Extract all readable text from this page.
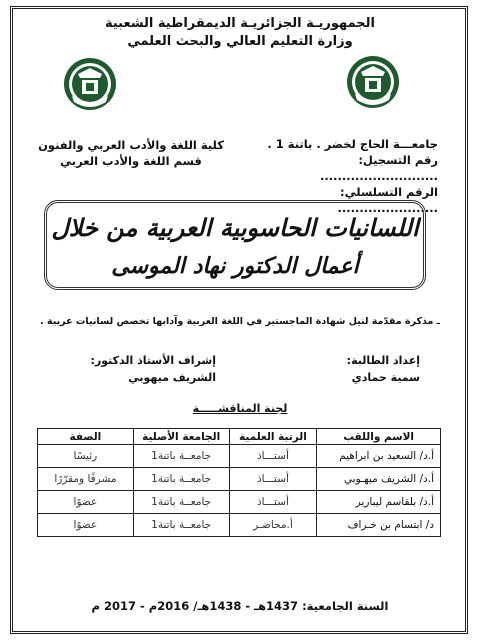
الجمهوريـة الجزائريـة الديمقراطية الشعبية
وزارة التعليم العالي والبحث العلمي
جامعـــة الحاج لخضر . باتنة 1 .
رقم التسجيل: ...........................
الرقم التسلسلي: .......................
كلية اللغة والأدب العربي والفنون
قسم اللغة والأدب العربي
اللسانيات الحاسوبية العربية من خلال
أعمال الدكتور نهاد الموسى
ـ مذكرة مقدّمة لنيل شهادة الماجستير في اللغة العربية وآدابها تخصص لسانيات عربية .
إعداد الطالبة:
سمية حمادي
إشراف الأستاذ الدكتور:
الشريف ميهوبي
لجنة المناقشـــــة
الاسم واللقب	الرتبة العلمية	الجامعة الأصلية	الصفة
أ.د/ السعيد بن ابراهيم	أستـــاذ	جامعــة باتنة1	رئيسًا
أ.د/ الشريف ميهـوبي	أستـــاذ	جامعــة باتنة1	مشرفًا ومقرّرًا
أ.د/ بلقاسم ليبارير	أستـــاذ	جامعــة باتنة1	عضوًا
د/ ابتسام بن خـراف	أ.محاضـر	جامعــة باتنة1	عضوًا
السنة الجامعية: 1437هـ - 1438هـ/ 2016م - 2017 م
